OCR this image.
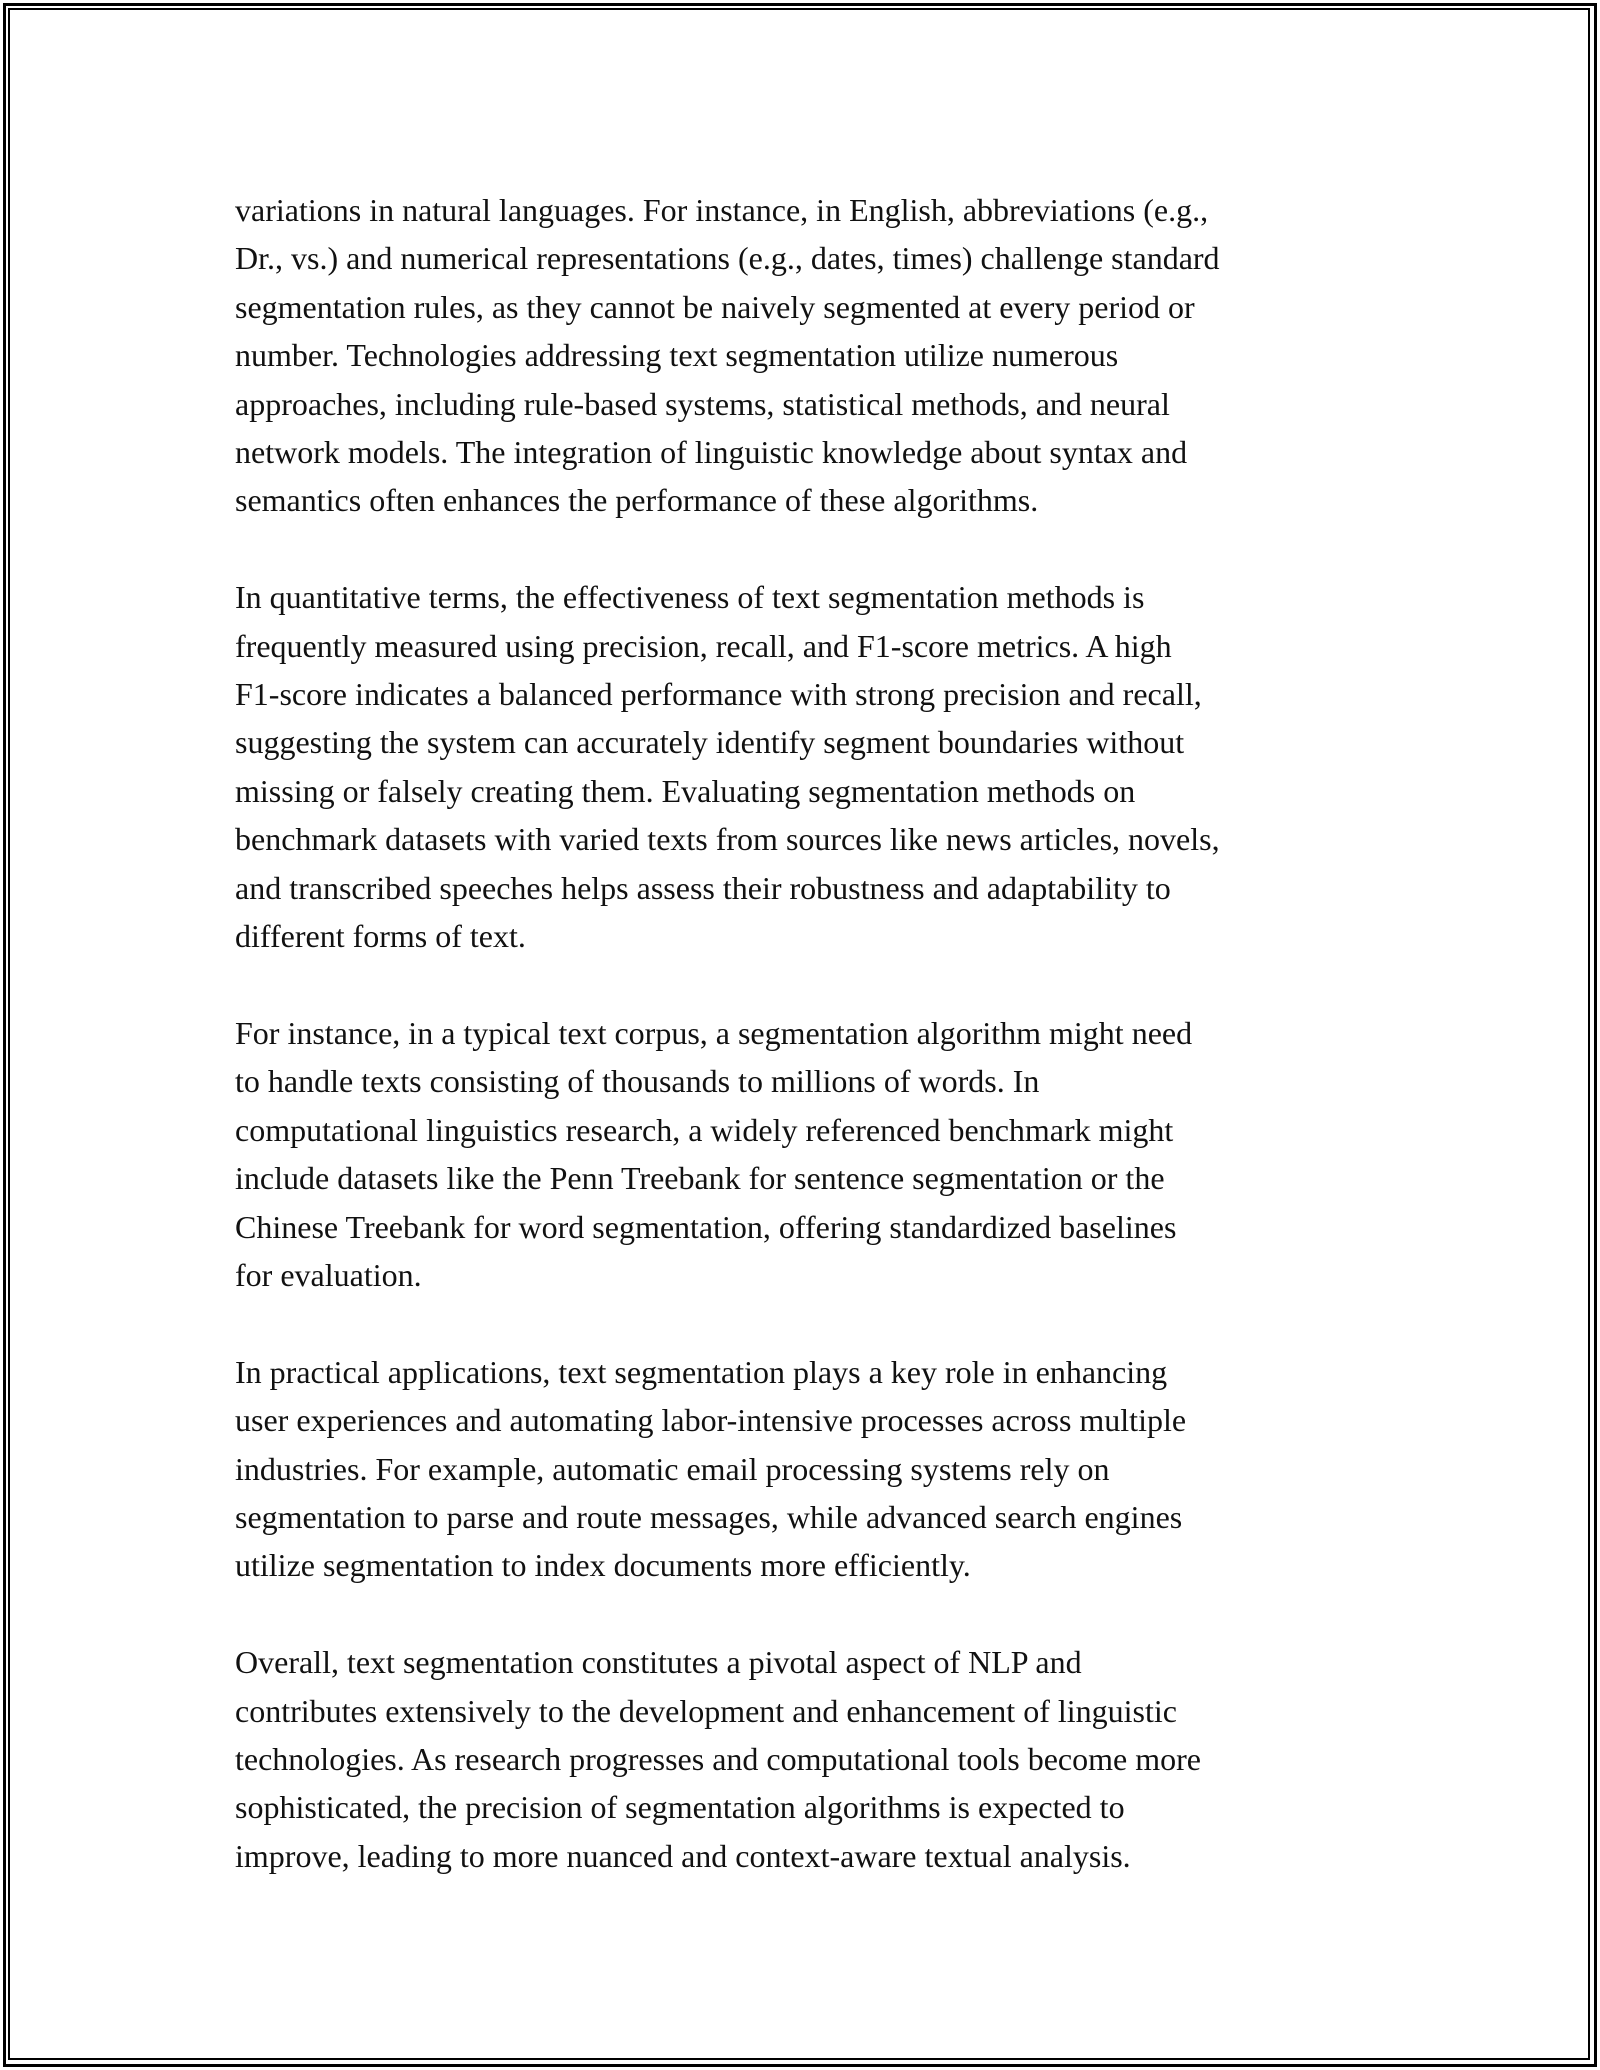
variations in natural languages. For instance, in English, abbreviations (e.g.,
Dr., vs.) and numerical representations (e.g., dates, times) challenge standard
segmentation rules, as they cannot be naively segmented at every period or
number. Technologies addressing text segmentation utilize numerous
approaches, including rule-based systems, statistical methods, and neural
network models. The integration of linguistic knowledge about syntax and
semantics often enhances the performance of these algorithms.

In quantitative terms, the effectiveness of text segmentation methods is
frequently measured using precision, recall, and F1-score metrics. A high
F1-score indicates a balanced performance with strong precision and recall,
suggesting the system can accurately identify segment boundaries without
missing or falsely creating them. Evaluating segmentation methods on
benchmark datasets with varied texts from sources like news articles, novels,
and transcribed speeches helps assess their robustness and adaptability to
different forms of text.

For instance, in a typical text corpus, a segmentation algorithm might need
to handle texts consisting of thousands to millions of words. In
computational linguistics research, a widely referenced benchmark might
include datasets like the Penn Treebank for sentence segmentation or the
Chinese Treebank for word segmentation, offering standardized baselines
for evaluation.

In practical applications, text segmentation plays a key role in enhancing
user experiences and automating labor-intensive processes across multiple
industries. For example, automatic email processing systems rely on
segmentation to parse and route messages, while advanced search engines
utilize segmentation to index documents more efficiently.

Overall, text segmentation constitutes a pivotal aspect of NLP and
contributes extensively to the development and enhancement of linguistic
technologies. As research progresses and computational tools become more
sophisticated, the precision of segmentation algorithms is expected to
improve, leading to more nuanced and context-aware textual analysis.
